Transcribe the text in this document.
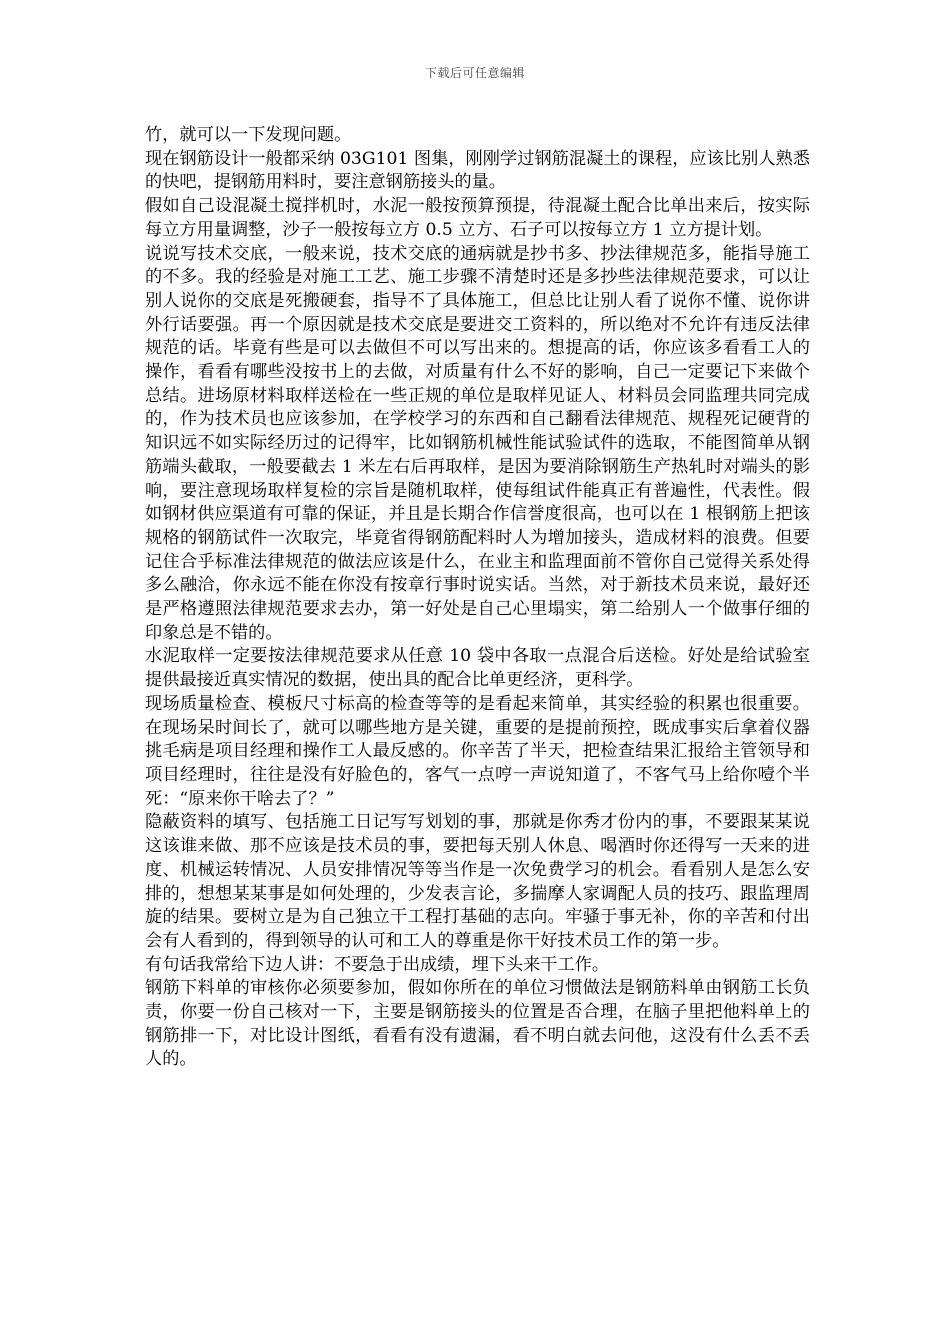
下载后可任意编辑

竹，就可以一下发现问题。

现在钢筋设计一般都采纳 03G101 图集，刚刚学过钢筋混凝土的课程，应该比别人熟悉的快吧，提钢筋用料时，要注意钢筋接头的量。

假如自己设混凝土搅拌机时，水泥一般按预算预提，待混凝土配合比单出来后，按实际每立方用量调整，沙子一般按每立方 0.5 立方、石子可以按每立方 1 立方提计划。

说说写技术交底，一般来说，技术交底的通病就是抄书多、抄法律规范多，能指导施工的不多。我的经验是对施工工艺、施工步骤不清楚时还是多抄些法律规范要求，可以让别人说你的交底是死搬硬套，指导不了具体施工，但总比让别人看了说你不懂、说你讲外行话要强。再一个原因就是技术交底是要进交工资料的，所以绝对不允许有违反法律规范的话。毕竟有些是可以去做但不可以写出来的。想提高的话，你应该多看看工人的操作，看看有哪些没按书上的去做，对质量有什么不好的影响，自己一定要记下来做个总结。进场原材料取样送检在一些正规的单位是取样见证人、材料员会同监理共同完成的，作为技术员也应该参加，在学校学习的东西和自己翻看法律规范、规程死记硬背的知识远不如实际经历过的记得牢，比如钢筋机械性能试验试件的选取，不能图简单从钢筋端头截取，一般要截去 1 米左右后再取样，是因为要消除钢筋生产热轧时对端头的影响，要注意现场取样复检的宗旨是随机取样，使每组试件能真正有普遍性，代表性。假如钢材供应渠道有可靠的保证，并且是长期合作信誉度很高，也可以在 1 根钢筋上把该规格的钢筋试件一次取完，毕竟省得钢筋配料时人为增加接头，造成材料的浪费。但要记住合乎标准法律规范的做法应该是什么，在业主和监理面前不管你自己觉得关系处得多么融洽，你永远不能在你没有按章行事时说实话。当然，对于新技术员来说，最好还是严格遵照法律规范要求去办，第一好处是自己心里塌实，第二给别人一个做事仔细的印象总是不错的。

水泥取样一定要按法律规范要求从任意 10 袋中各取一点混合后送检。好处是给试验室提供最接近真实情况的数据，使出具的配合比单更经济，更科学。

现场质量检查、模板尺寸标高的检查等等的是看起来简单，其实经验的积累也很重要。在现场呆时间长了，就可以哪些地方是关键，重要的是提前预控，既成事实后拿着仪器挑毛病是项目经理和操作工人最反感的。你辛苦了半天，把检查结果汇报给主管领导和项目经理时，往往是没有好脸色的，客气一点哼一声说知道了，不客气马上给你噎个半死：“原来你干啥去了？”

隐蔽资料的填写、包括施工日记写写划划的事，那就是你秀才份内的事，不要跟某某说这该谁来做、那不应该是技术员的事，要把每天别人休息、喝酒时你还得写一天来的进度、机械运转情况、人员安排情况等等当作是一次免费学习的机会。看看别人是怎么安排的，想想某某事是如何处理的，少发表言论，多揣摩人家调配人员的技巧、跟监理周旋的结果。要树立是为自己独立干工程打基础的志向。牢骚于事无补，你的辛苦和付出会有人看到的，得到领导的认可和工人的尊重是你干好技术员工作的第一步。

有句话我常给下边人讲：不要急于出成绩，埋下头来干工作。

钢筋下料单的审核你必须要参加，假如你所在的单位习惯做法是钢筋料单由钢筋工长负责，你要一份自己核对一下，主要是钢筋接头的位置是否合理，在脑子里把他料单上的钢筋排一下，对比设计图纸，看看有没有遗漏，看不明白就去问他，这没有什么丢不丢人的。
